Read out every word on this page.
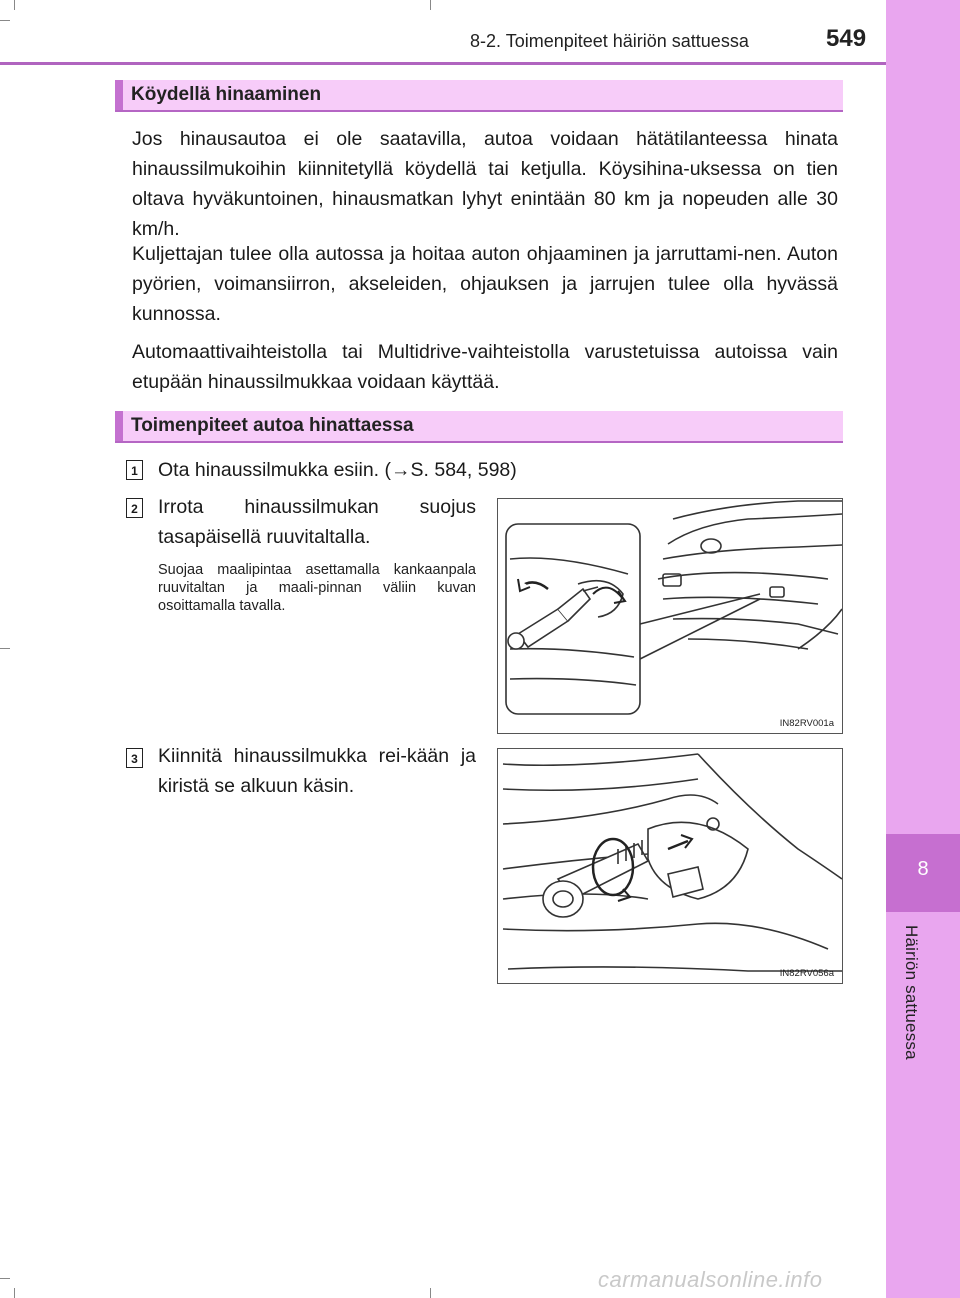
8
Häiriön sattuessa
8-2. Toimenpiteet häiriön sattuessa	549
Köydellä hinaaminen
Jos hinausautoa ei ole saatavilla, autoa voidaan hätätilanteessa hinata hinaussilmukoihin kiinnitetyllä köydellä tai ketjulla. Köysihina-uksessa on tien oltava hyväkuntoinen, hinausmatkan lyhyt enintään 80 km ja nopeuden alle 30 km/h.
Kuljettajan tulee olla autossa ja hoitaa auton ohjaaminen ja jarruttami-nen. Auton pyörien, voimansiirron, akseleiden, ohjauksen ja jarrujen tulee olla hyvässä kunnossa.
Automaattivaihteistolla tai Multidrive-vaihteistolla varustetuissa autoissa vain etupään hinaussilmukkaa voidaan käyttää.
Toimenpiteet autoa hinattaessa
1 Ota hinaussilmukka esiin. (→S. 584, 598)
2 Irrota hinaussilmukan suojus tasapäisellä ruuvitaltalla.
Suojaa maalipintaa asettamalla kankaanpala ruuvitaltan ja maali-pinnan väliin kuvan osoittamalla tavalla.
3 Kiinnitä hinaussilmukka rei-kään ja kiristä se alkuun käsin.
IN82RV001a
IN82RV056a
carmanualsonline.info
